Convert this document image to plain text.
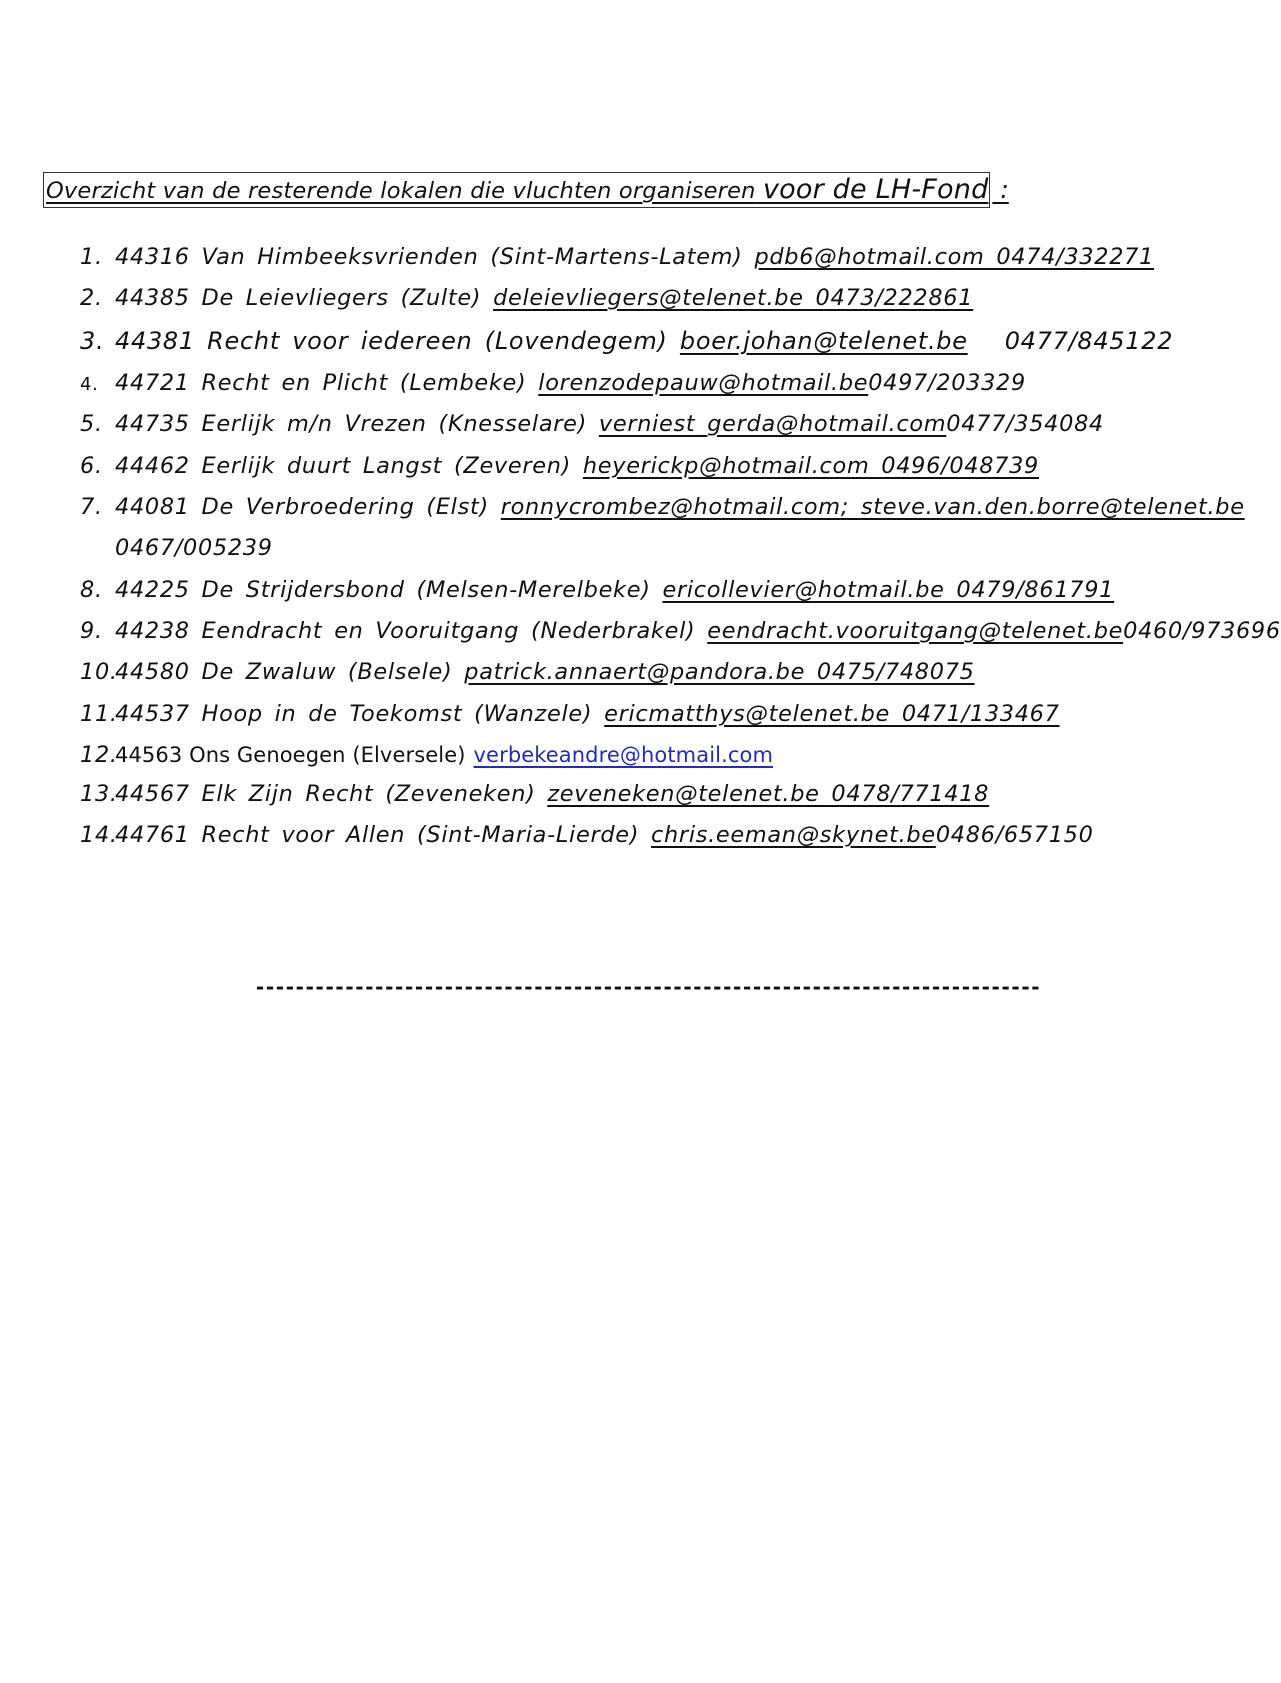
Overzicht van de resterende lokalen die vluchten organiseren voor de LH-Fond :
1. 44316 Van Himbeeksvrienden (Sint-Martens-Latem) pdb6@hotmail.com 0474/332271
2. 44385 De Leievliegers (Zulte) deleievliegers@telenet.be 0473/222861
3. 44381 Recht voor iedereen (Lovendegem) boer.johan@telenet.be 0477/845122
4. 44721 Recht en Plicht (Lembeke) lorenzodepauw@hotmail.be0497/203329
5. 44735 Eerlijk m/n Vrezen (Knesselare) verniest_gerda@hotmail.com0477/354084
6. 44462 Eerlijk duurt Langst (Zeveren) heyerickp@hotmail.com 0496/048739
7. 44081 De Verbroedering (Elst) ronnycrombez@hotmail.com; steve.van.den.borre@telenet.be
0467/005239
8. 44225 De Strijdersbond (Melsen-Merelbeke) ericollevier@hotmail.be 0479/861791
9. 44238 Eendracht en Vooruitgang (Nederbrakel) eendracht.vooruitgang@telenet.be0460/973696
10.44580 De Zwaluw (Belsele) patrick.annaert@pandora.be 0475/748075
11.44537 Hoop in de Toekomst (Wanzele) ericmatthys@telenet.be 0471/133467
12.44563 Ons Genoegen (Elversele) verbekeandre@hotmail.com
13.44567 Elk Zijn Recht (Zeveneken) zeveneken@telenet.be 0478/771418
14.44761 Recht voor Allen (Sint-Maria-Lierde) chris.eeman@skynet.be0486/657150
-------------------------------------------------------------------------------
